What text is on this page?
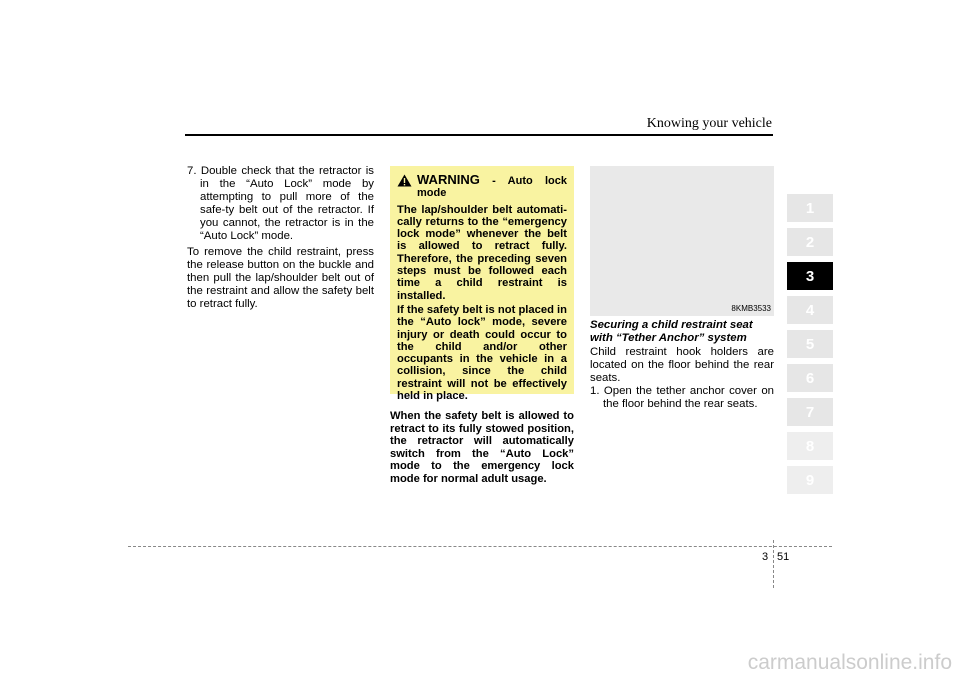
Knowing your vehicle

7. Double check that the retractor is in the “Auto Lock” mode by attempting to pull more of the safe-ty belt out of the retractor. If you cannot, the retractor is in the “Auto Lock” mode.

To remove the child restraint, press the release button on the buckle and then pull the lap/shoulder belt out of the restraint and allow the safety belt to retract fully.

WARNING - Auto lock mode

The lap/shoulder belt automati-cally returns to the “emergency lock mode” whenever the belt is allowed to retract fully. Therefore, the preceding seven steps must be followed each time a child restraint is installed.

If the safety belt is not placed in the “Auto lock” mode, severe injury or death could occur to the child and/or other occupants in the vehicle in a collision, since the child restraint will not be effectively held in place.

When the safety belt is allowed to retract to its fully stowed position, the retractor will automatically switch from the “Auto Lock” mode to the emergency lock mode for normal adult usage.
8KMB3533
Securing a child restraint seat with “Tether Anchor” system

Child restraint hook holders are located on the floor behind the rear seats.

1. Open the tether anchor cover on the floor behind the rear seats.

1
2
3
4
5
6
7
8
9
3 51
carmanualsonline.info
